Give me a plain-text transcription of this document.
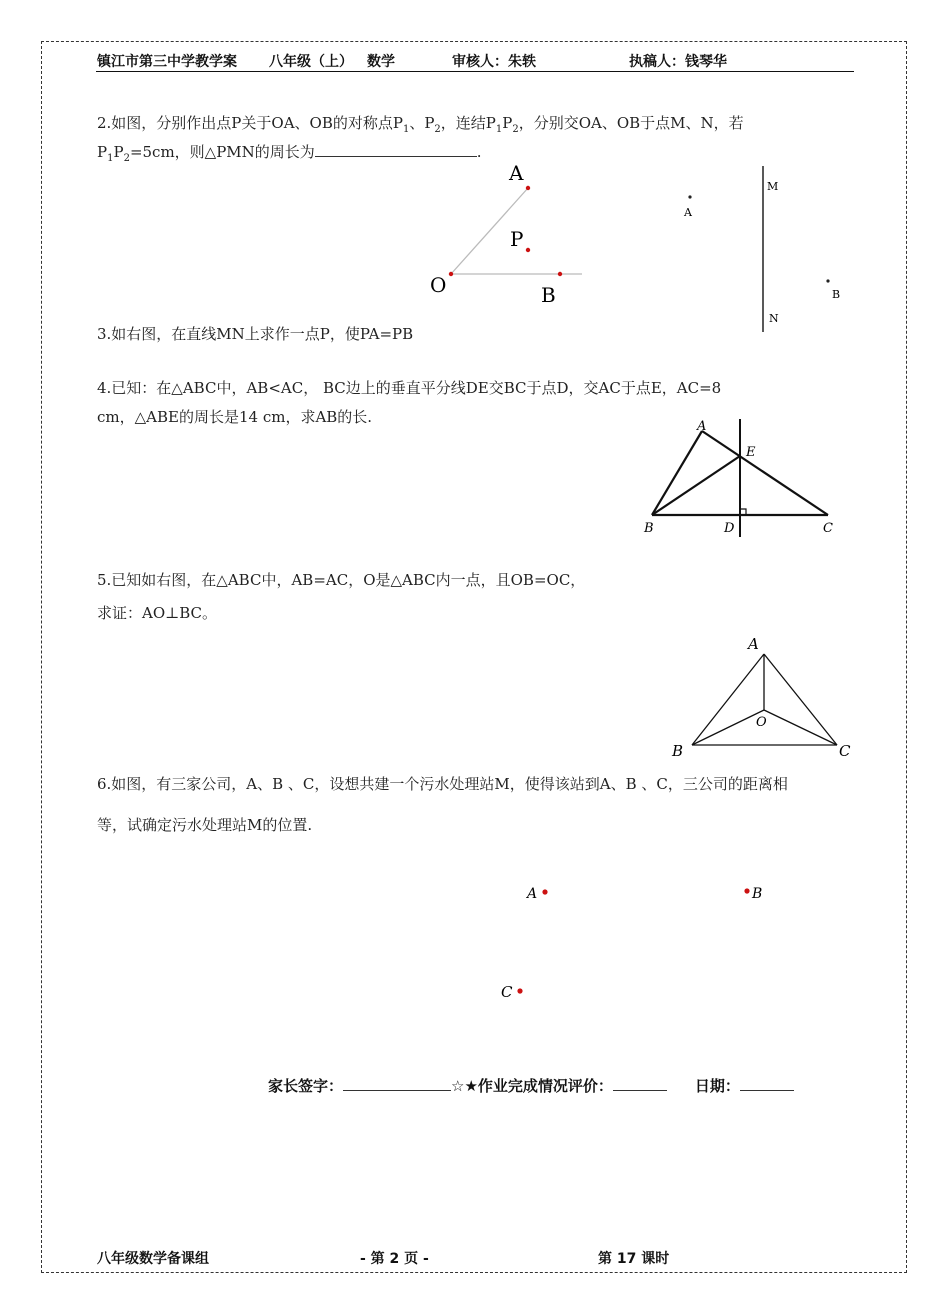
镇江市第三中学教学案 八年级（上） 数学	审核人：朱轶	执稿人：钱琴华
2.如图，分别作出点P关于OA、OB的对称点$P_1$、$P_2$，连结$P_1P_2$，分别交OA、OB于点M、N，若
$P_1P_2=5cm$，则△PMN的周长为	.
A
P
O	B
A
M
N
B
3.如右图，在直线MN上求作一点P，使PA=PB
4.已知：在△ABC中，AB<AC， BC边上的垂直平分线DE交BC于点D，交AC于点E，AC=8
cm，△ABE的周长是14 cm，求AB的长.
A
E
B	D	C
5.已知如右图，在△ABC中，AB=AC，O是△ABC内一点，且OB=OC，
求证：AO⊥BC。
A
O
B	C
6.如图，有三家公司，A、B 、C，设想共建一个污水处理站M，使得该站到A、B 、C，三公司的距离相
等，试确定污水处理站M的位置.
A	B
C
家长签字：	☆★作业完成情况评价：	日期：
八年级数学备课组	- 第 2 页 -	第 17 课时
